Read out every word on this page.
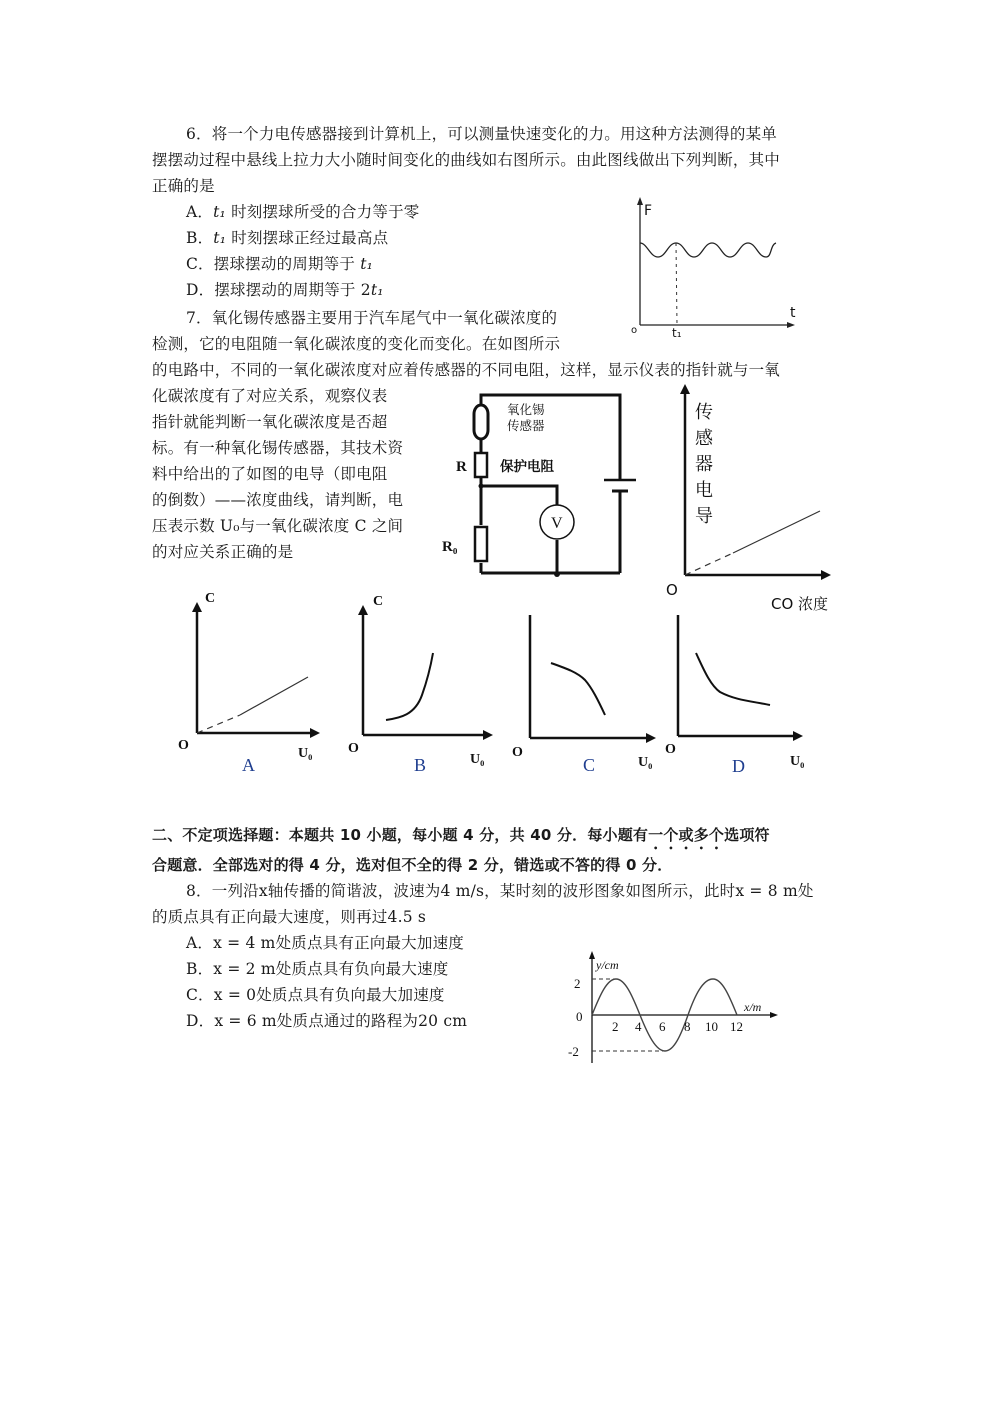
6．将一个力电传感器接到计算机上，可以测量快速变化的力。用这种方法测得的某单
摆摆动过程中悬线上拉力大小随时间变化的曲线如右图所示。由此图线做出下列判断，其中
正确的是
A．t₁ 时刻摆球所受的合力等于零
B．t₁ 时刻摆球正经过最高点
C．摆球摆动的周期等于 t₁
D．摆球摆动的周期等于 2t₁
F
t
o	t₁
7．氧化锡传感器主要用于汽车尾气中一氧化碳浓度的
检测，它的电阻随一氧化碳浓度的变化而变化。在如图所示
的电路中，不同的一氧化碳浓度对应着传感器的不同电阻，这样，显示仪表的指针就与一氧
化碳浓度有了对应关系，观察仪表
指针就能判断一氧化碳浓度是否超
标。有一种氧化锡传感器，其技术资
料中给出的了如图的电导（即电阻
的倒数）——浓度曲线，请判断，电
压表示数 U₀与一氧化碳浓度 C 之间
的对应关系正确的是
V
氧化锡
传感器
R 保护电阻
R₀
传
感
器
电
导
O
CO 浓度
C
O
U₀
A
C
O
U₀
B
O
U₀
C
O
U₀
D
二、不定项选择题：本题共 10 小题，每小题 4 分，共 40 分．每小题有一个或多个选项符
合题意．全部选对的得 4 分，选对但不全的得 2 分，错选或不答的得 0 分．
8．一列沿x轴传播的简谐波，波速为4 m/s，某时刻的波形图象如图所示，此时x = 8 m处
的质点具有正向最大速度，则再过4.5 s
A．x = 4 m处质点具有正向最大加速度
B．x = 2 m处质点具有负向最大速度
C．x = 0处质点具有负向最大加速度
D．x = 6 m处质点通过的路程为20 cm
y/cm
x/m
2
0
-2
2 4 6 8 10 12
